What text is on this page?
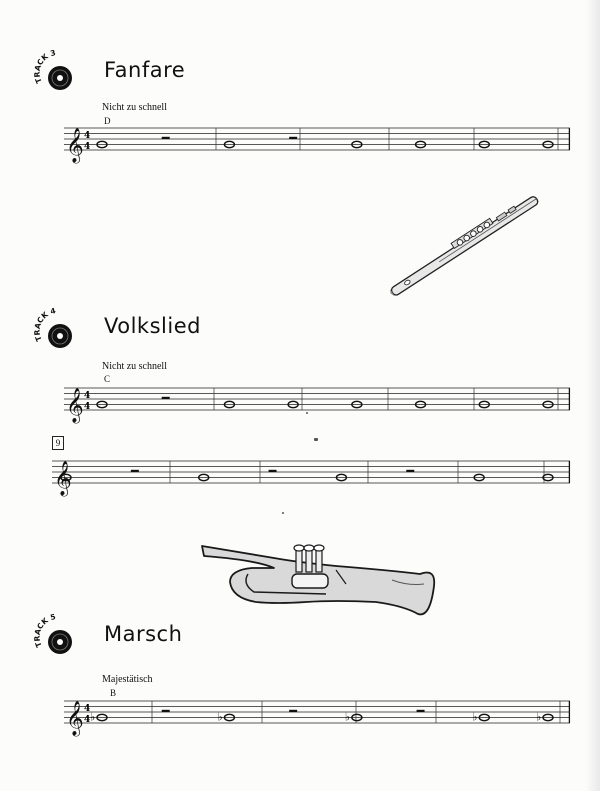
TRACK 3
Fanfare
Nicht zu schnell
D
𝄞 4
4
TRACK 4
Volkslied
Nicht zu schnell
C
𝄞 4
4
9
𝄞
TRACK 5
Marsch
Majestätisch
B
𝄞 4
4 ♭	♭	♭	♭	♭
